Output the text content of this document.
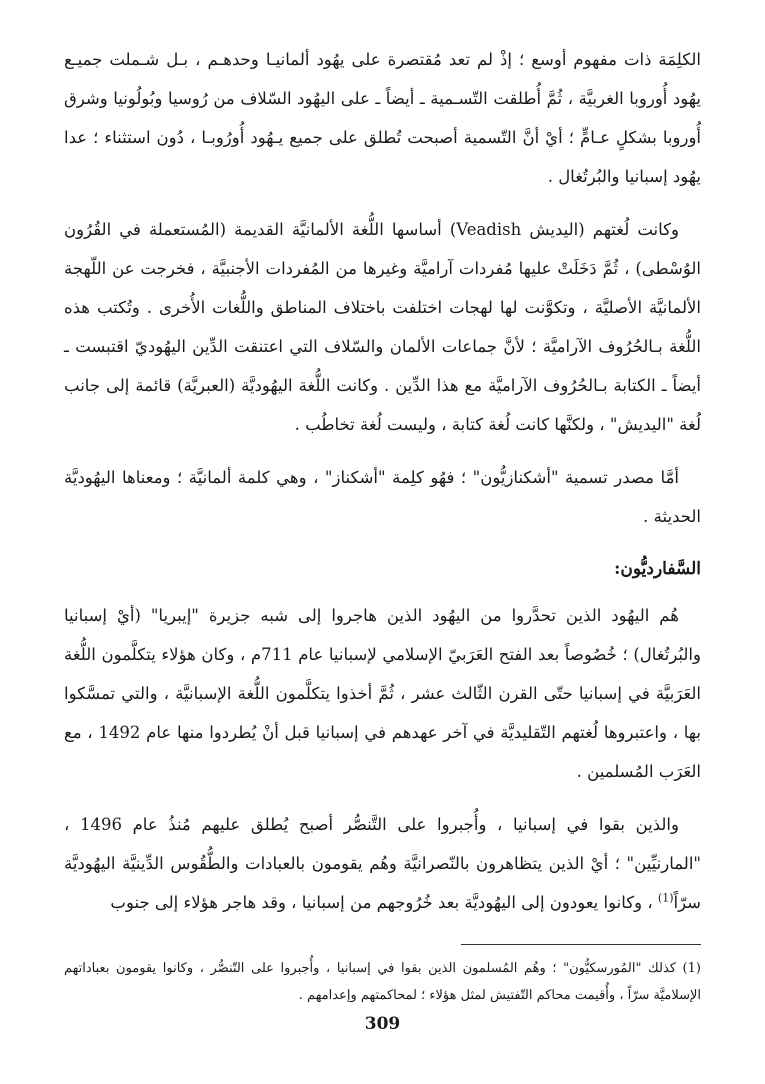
الكلِمَة ذات مفهوم أوسع ؛ إذْ لم تعد مُقتصرة على يهُود ألمانيـا وحدهـم ، بـل شـملت جميـع يهُود أُوروبا الغربيَّة ، ثُمَّ أُطلقت التّسـمية ـ أيضاً ـ على اليهُود السّلاف من رُوسيا وبُولُونيا وشرق أُوروبا بشكلٍ عـامٍّ ؛ أيْ أنَّ التّسمية أصبحت تُطلق على جميع يـهُود أُورُوبـا ، دُون استثناء ؛ عدا يهُود إسبانيا والبُرتُغال .

وكانت لُغتهم (اليديش Veadish) أساسها اللُّغة الألمانيَّة القديمة (المُستعملة في القُرُون الوُسْطى) ، ثُمَّ دَخَلَتْ عليها مُفردات آراميَّة وغيرها من المُفردات الأجنبيَّة ، فخرجت عن اللّهجة الألمانيَّة الأصليَّة ، وتكوَّنت لها لهجات اختلفت باختلاف المناطق واللُّغات الأُخرى . وتُكتب هذه اللُّغة بـالحُرُوف الآراميَّة ؛ لأنَّ جماعات الألمان والسّلاف التي اعتنقت الدِّين اليهُوديّ اقتبست ـ أيضاً ـ الكتابة بـالحُرُوف الآراميَّة مع هذا الدِّين . وكانت اللُّغة اليهُوديَّة (العبريَّة) قائمة إلى جانب لُغة "اليديش" ، ولكنَّها كانت لُغة كتابة ، وليست لُغة تخاطُب .

أمَّا مصدر تسمية "أشكنازيُّون" ؛ فهُو كلِمة "أشكناز" ، وهي كلمة ألمانيَّة ؛ ومعناها اليهُوديَّة الحديثة .

السَّفارديُّون:

هُم اليهُود الذين تحدَّروا من اليهُود الذين هاجروا إلى شبه جزيرة "إيبريا" (أيْ إسبانيا والبُرتُغال) ؛ خُصُوصاً بعد الفتح العَرَبيّ الإسلامي لإسبانيا عام 711م ، وكان هؤلاء يتكلَّمون اللُّغة العَرَبيَّة في إسبانيا حتّى القرن الثّالث عشر ، ثُمَّ أخذوا يتكلَّمون اللُّغة الإسبانيَّة ، والتي تمسَّكوا بها ، واعتبروها لُغتهم التّقليديَّة في آخر عهدهم في إسبانيا قبل أنْ يُطردوا منها عام 1492 ، مع العَرَب المُسلمين .

والذين بقوا في إسبانيا ، وأُجبروا على التَّنصُّر أصبح يُطلق عليهم مُنذُ عام 1496 ، "المارنيِّين" ؛ أيْ الذين يتظاهرون بالنّصرانيَّة وهُم يقومون بالعبادات والطُّقُوس الدِّينيَّة اليهُوديَّة سرّاً$^{(1)}$ ، وكانوا يعودون إلى اليهُوديَّة بعد خُرُوجهم من إسبانيا ، وقد هاجر هؤلاء إلى جنوب

(1) كذلك "المُورسكيُّون" ؛ وهُم المُسلمون الذين بقوا في إسبانيا ، وأُجبروا على التّنصُّر ، وكانوا يقومون بعباداتهم الإسلاميَّة سرّاً ، وأُقيمت محاكم التّفتيش لمثل هؤلاء ؛ لمحاكمتهم وإعدامهم .

309
